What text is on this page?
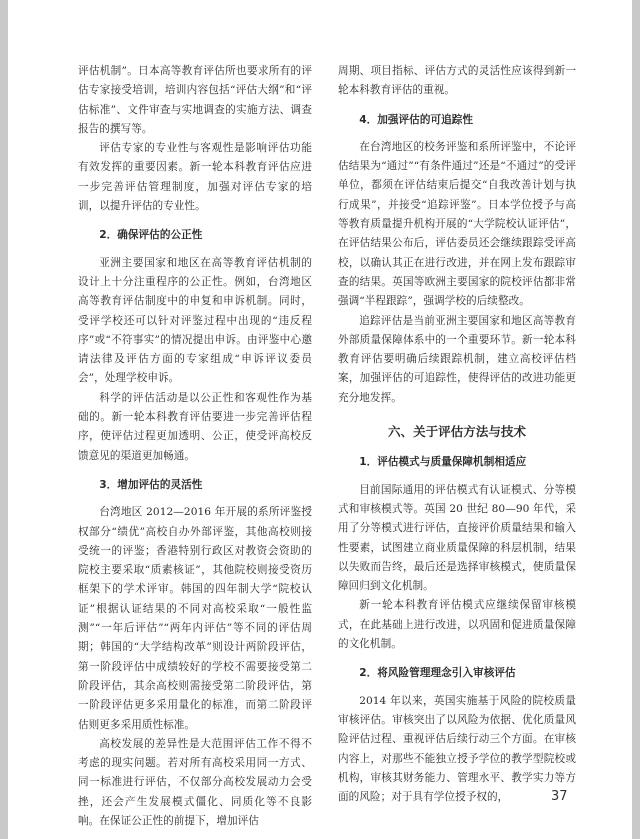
评估机制”。日本高等教育评估所也要求所有的评估专家接受培训，培训内容包括“评估大纲”和“评估标准”、文件审查与实地调查的实施方法、调查报告的撰写等。

评估专家的专业性与客观性是影响评估功能有效发挥的重要因素。新一轮本科教育评估应进一步完善评估管理制度，加强对评估专家的培训，以提升评估的专业性。

2．确保评估的公正性

亚洲主要国家和地区在高等教育评估机制的设计上十分注重程序的公正性。例如，台湾地区高等教育评估制度中的申复和申诉机制。同时，受评学校还可以针对评鉴过程中出现的“违反程序”或“不符事实”的情况提出申诉。由评鉴中心邀请法律及评估方面的专家组成“申诉评议委员会”，处理学校申诉。

科学的评估活动是以公正性和客观性作为基础的。新一轮本科教育评估要进一步完善评估程序，使评估过程更加透明、公正，使受评高校反馈意见的渠道更加畅通。

3．增加评估的灵活性

台湾地区 2012—2016 年开展的系所评鉴授权部分“绩优”高校自办外部评鉴，其他高校则接受统一的评鉴；香港特别行政区对教资会资助的院校主要采取“质素核证”，其他院校则接受资历框架下的学术评审。韩国的四年制大学“院校认证”根据认证结果的不同对高校采取“一般性监测”“一年后评估”“两年内评估”等不同的评估周期；韩国的“大学结构改革”则设计两阶段评估，第一阶段评估中成绩较好的学校不需要接受第二阶段评估，其余高校则需接受第二阶段评估，第一阶段评估更多采用量化的标准，而第二阶段评估则更多采用质性标准。

高校发展的差异性是大范围评估工作不得不考虑的现实问题。若对所有高校采用同一方式、同一标准进行评估，不仅部分高校发展动力会受挫，还会产生发展模式僵化、同质化等不良影响。在保证公正性的前提下，增加评估

周期、项目指标、评估方式的灵活性应该得到新一轮本科教育评估的重视。

4．加强评估的可追踪性

在台湾地区的校务评鉴和系所评鉴中，不论评估结果为“通过”“有条件通过”还是“不通过”的受评单位，都须在评估结束后提交“自我改善计划与执行成果”，并接受“追踪评鉴”。日本学位授予与高等教育质量提升机构开展的“大学院校认证评估”，在评估结果公布后，评估委员还会继续跟踪受评高校，以确认其正在进行改进，并在网上发布跟踪审查的结果。英国等欧洲主要国家的院校评估都非常强调“半程跟踪”，强调学校的后续整改。

追踪评估是当前亚洲主要国家和地区高等教育外部质量保障体系中的一个重要环节。新一轮本科教育评估要明确后续跟踪机制，建立高校评估档案，加强评估的可追踪性，使得评估的改进功能更充分地发挥。

六、关于评估方法与技术
1．评估模式与质量保障机制相适应

目前国际通用的评估模式有认证模式、分等模式和审核模式等。英国 20 世纪 80—90 年代，采用了分等模式进行评估，直接评价质量结果和输入性要素，试图建立商业质量保障的科层机制，结果以失败而告终，最后还是选择审核模式，使质量保障回归到文化机制。

新一轮本科教育评估模式应继续保留审核模式，在此基础上进行改进，以巩固和促进质量保障的文化机制。

2．将风险管理理念引入审核评估

2014 年以来，英国实施基于风险的院校质量审核评估。审核突出了以风险为依据、优化质量风险评估过程、重视评估后续行动三个方面。在审核内容上，对那些不能独立授予学位的教学型院校或机构，审核其财务能力、管理水平、教学实力等方面的风险；对于具有学位授予权的，	37
